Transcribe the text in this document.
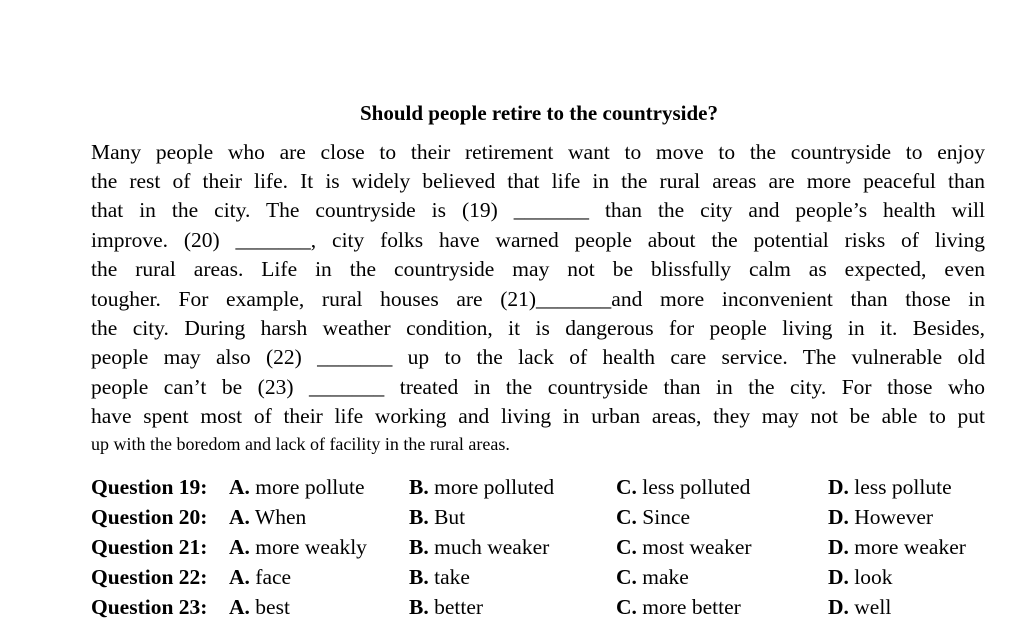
Should people retire to the countryside?
Many people who are close to their retirement want to move to the countryside to enjoy
the rest of their life. It is widely believed that life in the rural areas are more peaceful than
that in the city. The countryside is (19) _______ than the city and people’s health will
improve. (20) _______, city folks have warned people about the potential risks of living
the rural areas. Life in the countryside may not be blissfully calm as expected, even
tougher. For example, rural houses are (21)_______and more inconvenient than those in
the city. During harsh weather condition, it is dangerous for people living in it. Besides,
people may also (22) _______ up to the lack of health care service. The vulnerable old
people can’t be (23) _______ treated in the countryside than in the city. For those who
have spent most of their life working and living in urban areas, they may not be able to put
up with the boredom and lack of facility in the rural areas.
Question 19: A. more pollute B. more polluted	C. less polluted	D. less pollute
Question 20: A. When	B. But	C. Since	D. However
Question 21: A. more weakly B. much weaker	C. most weaker	D. more weaker
Question 22: A. face	B. take	C. make	D. look
Question 23: A. best	B. better	C. more better	D. well
